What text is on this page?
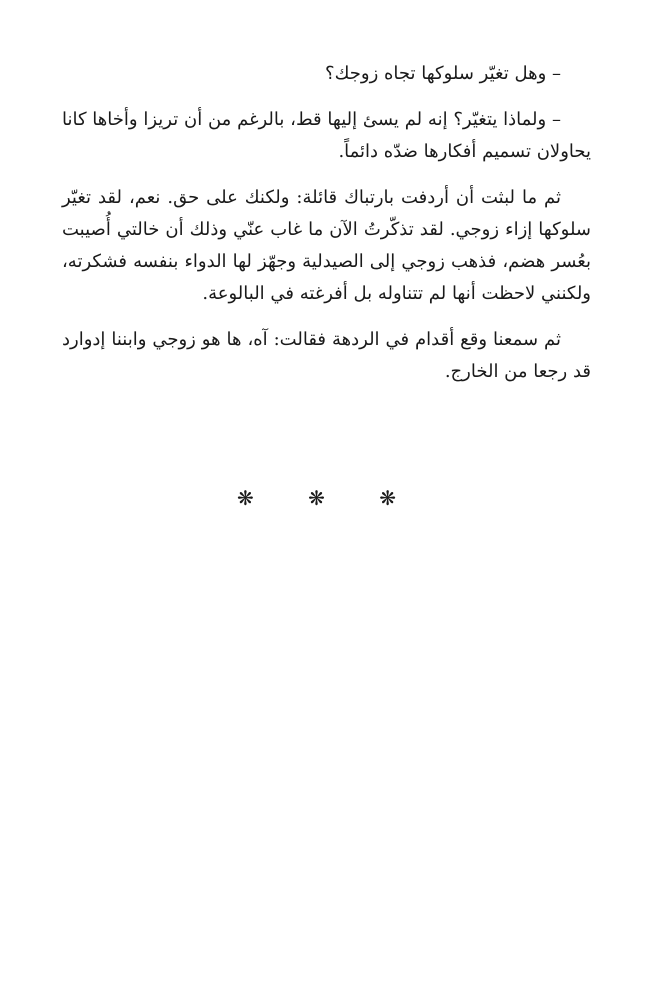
– وهل تغيّر سلوكها تجاه زوجك؟

– ولماذا يتغيّر؟ إنه لم يسئ إليها قط، بالرغم من أن تريزا وأخاها كانا يحاولان تسميم أفكارها ضدّه دائماً.

ثم ما لبثت أن أردفت بارتباك قائلة: ولكنك على حق. نعم، لقد تغيّر سلوكها إزاء زوجي. لقد تذكّرتُ الآن ما غاب عنّي وذلك أن خالتي أُصيبت بعُسر هضم، فذهب زوجي إلى الصيدلية وجهّز لها الدواء بنفسه فشكرته، ولكنني لاحظت أنها لم تتناوله بل أفرغته في البالوعة.

ثم سمعنا وقع أقدام في الردهة فقالت: آه، ها هو زوجي وابننا إدوارد قد رجعا من الخارج.

❋ ❋ ❋
